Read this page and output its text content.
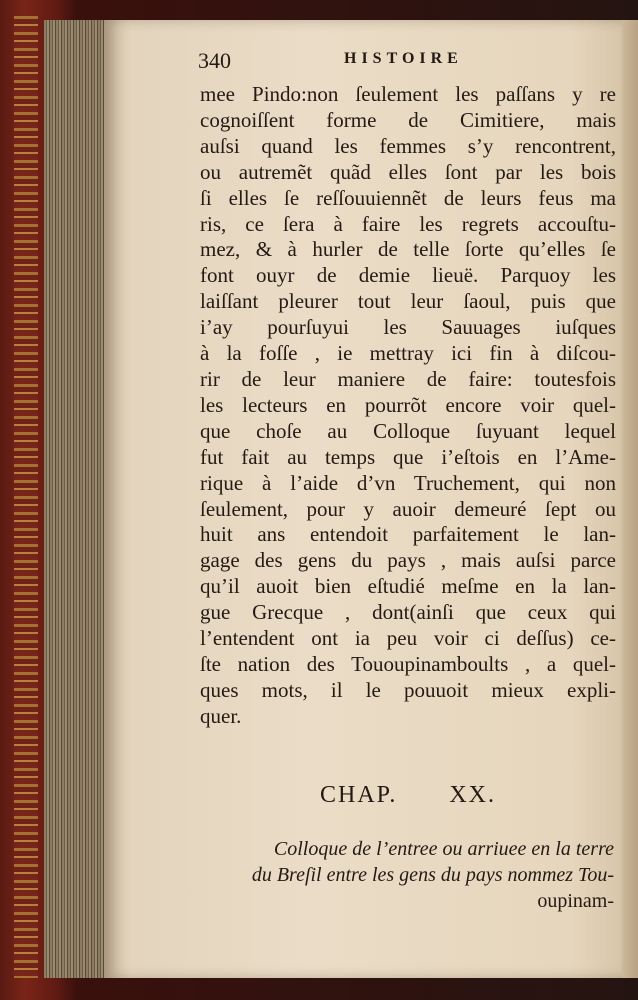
340	HISTOIRE
mee Pindo:non ſeulement les paſſans y re
cognoiſſent forme de Cimitiere, mais
auſsi quand les femmes s’y rencontrent,
ou autremẽt quãd elles ſont par les bois
ſi elles ſe reſſouuiennẽt de leurs feus ma
ris, ce ſera à faire les regrets accouſtu-
mez, & à hurler de telle ſorte qu’elles ſe
font ouyr de demie lieuë. Parquoy les
laiſſant pleurer tout leur ſaoul, puis que
i’ay pourſuyui les Sauuages iuſques
à la foſſe , ie mettray ici fin à diſcou-
rir de leur maniere de faire: toutesfois
les lecteurs en pourrõt encore voir quel-
que choſe au Colloque ſuyuant lequel
fut fait au temps que i’eſtois en l’Ame-
rique à l’aide d’vn Truchement, qui non
ſeulement, pour y auoir demeuré ſept ou
huit ans entendoit parfaitement le lan-
gage des gens du pays , mais auſsi parce
qu’il auoit bien eſtudié meſme en la lan-
gue Grecque , dont(ainſi que ceux qui
l’entendent ont ia peu voir ci deſſus) ce-
ſte nation des Tououpinamboults , a quel-
ques mots, il le pouuoit mieux expli-
quer.
CHAP. XX.
Colloque de l’entree ou arriuee en la terre
du Breſil entre les gens du pays nommez Tou-
oupinam-
